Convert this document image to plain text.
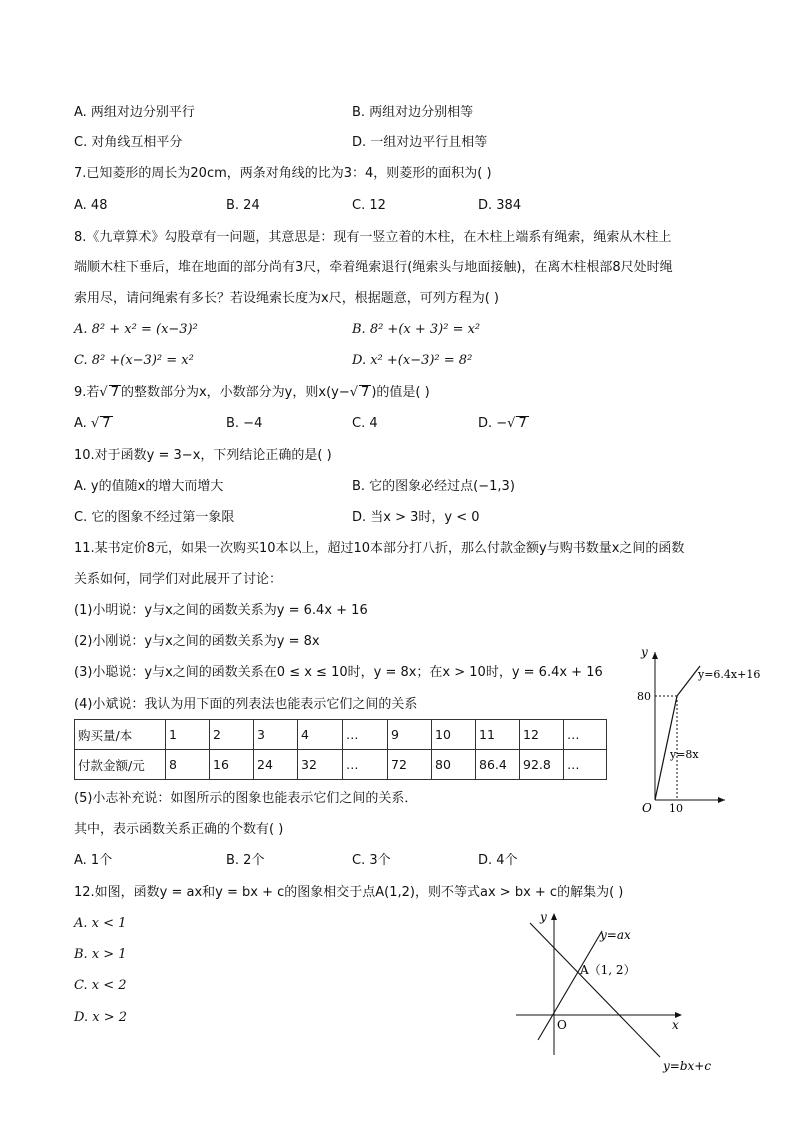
A. 两组对边分别平行	B. 两组对边分别相等
C. 对角线互相平分	D. 一组对边平行且相等
7.已知菱形的周长为20cm，两条对角线的比为3：4，则菱形的面积为( )
A. 48	B. 24	C. 12	D. 384
8.《九章算术》勾股章有一问题，其意思是：现有一竖立着的木柱，在木柱上端系有绳索，绳索从木柱上
端顺木柱下垂后，堆在地面的部分尚有3尺，牵着绳索退行(绳索头与地面接触)，在离木柱根部8尺处时绳
索用尽，请问绳索有多长？若设绳索长度为x尺，根据题意，可列方程为( )
A. 8² + x² = (x−3)²	B. 8² +(x + 3)² = x²
C. 8² +(x−3)² = x²	D. x² +(x−3)² = 8²
9.若√ 7 的整数部分为x，小数部分为y，则x(y−√ 7 )的值是( )
A. √ 7	B. −4	C. 4	D. −√ 7
10.对于函数y = 3−x，下列结论正确的是( )
A. y的值随x的增大而增大	B. 它的图象必经过点(−1,3)
C. 它的图象不经过第一象限	D. 当x > 3时，y < 0
11.某书定价8元，如果一次购买10本以上，超过10本部分打八折，那么付款金额y与购书数量x之间的函数
关系如何，同学们对此展开了讨论：
(1)小明说：y与x之间的函数关系为y = 6.4x + 16
(2)小刚说：y与x之间的函数关系为y = 8x
(3)小聪说：y与x之间的函数关系在0 ≤ x ≤ 10时，y = 8x；在x > 10时，y = 6.4x + 16
(4)小斌说：我认为用下面的列表法也能表示它们之间的关系
购买量/本	1	2	3	4	…	9	10	11	12	…
付款金额/元	8	16	24	32	…	72	80	86.4	92.8	…
(5)小志补充说：如图所示的图象也能表示它们之间的关系．
其中，表示函数关系正确的个数有( )
A. 1个	B. 2个	C. 3个	D. 4个
y
O 10
80
y=6.4x+16
y=8x
12.如图，函数y = ax和y = bx + c的图象相交于点A(1,2)，则不等式ax > bx + c的解集为( )
A. x < 1
B. x > 1
C. x < 2
D. x > 2
y
x
O
A（1, 2）
y=ax
y=bx+c
